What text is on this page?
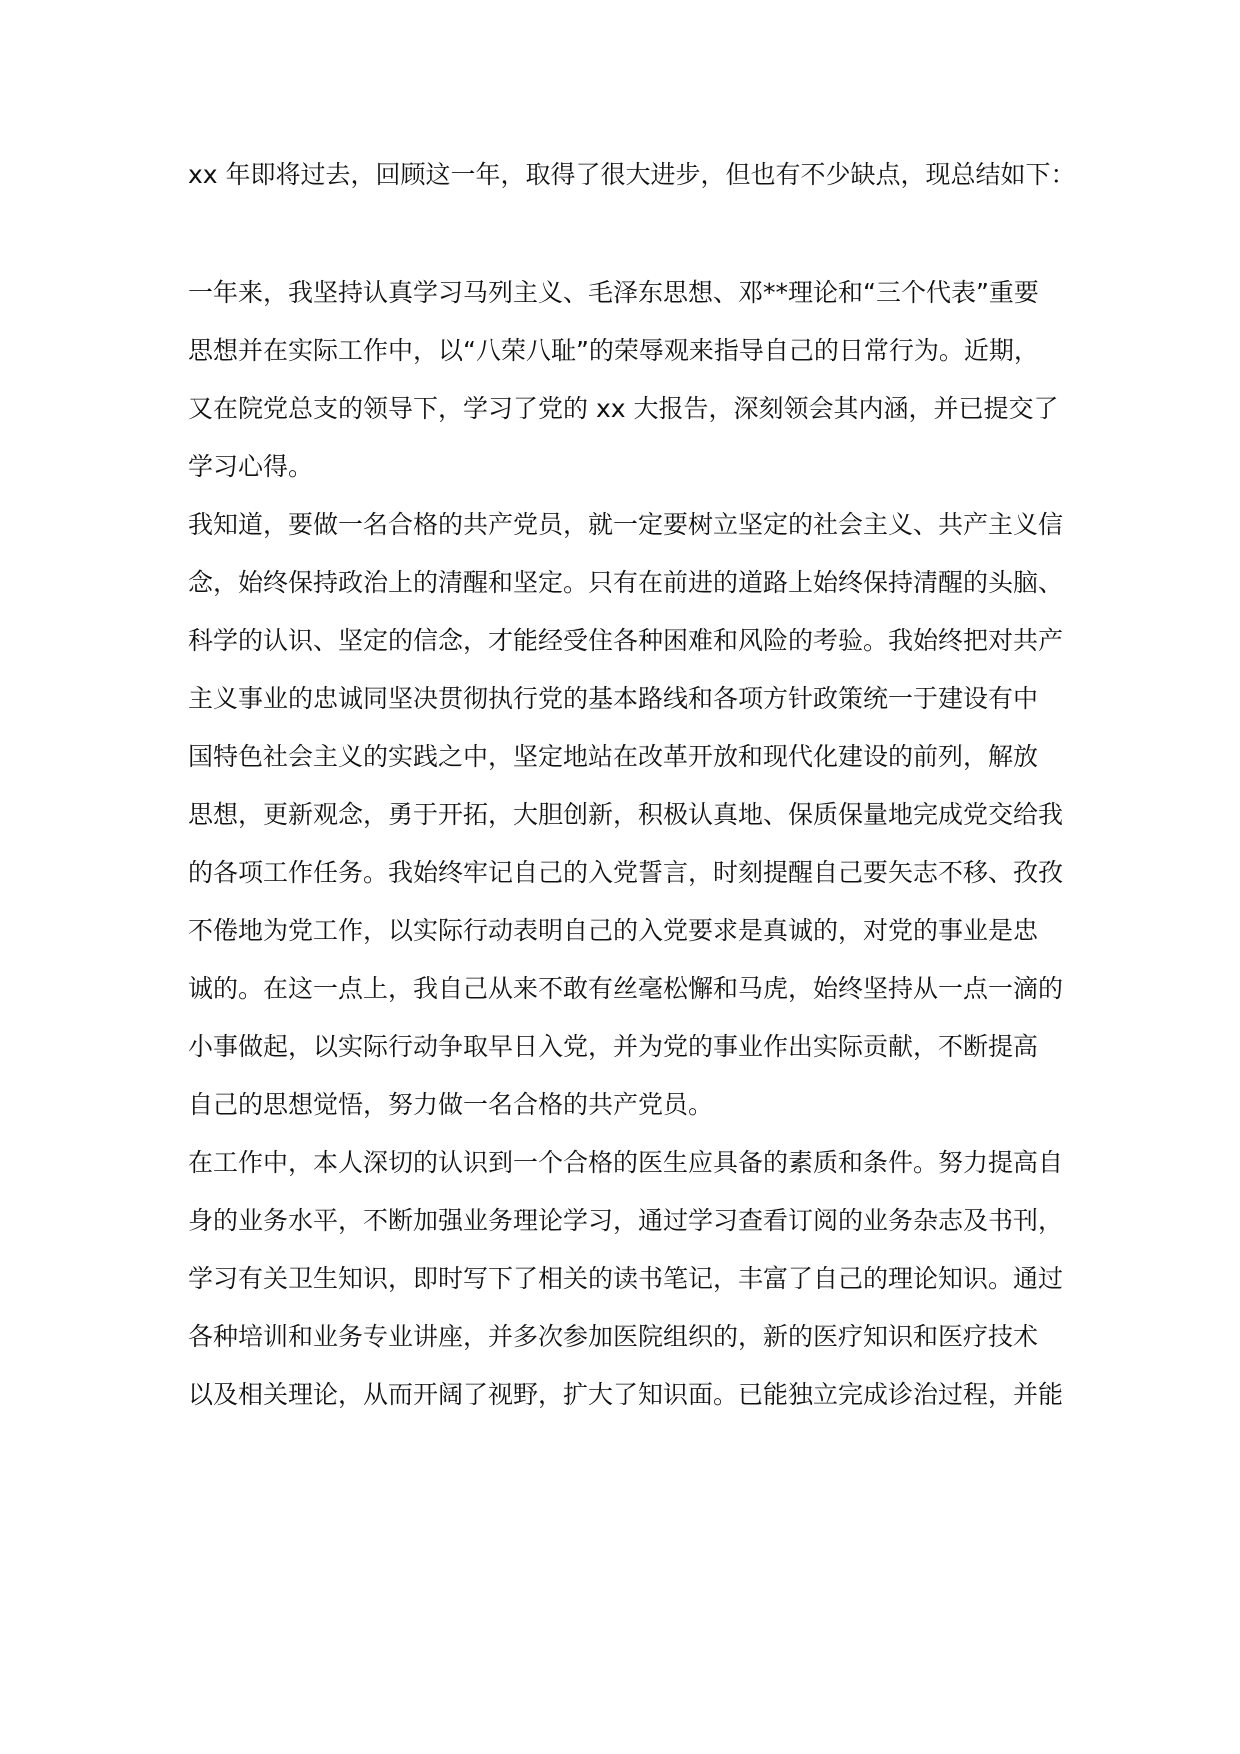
xx 年即将过去，回顾这一年，取得了很大进步，但也有不少缺点，现总结如下：

一年来，我坚持认真学习马列主义、毛泽东思想、邓**理论和“三个代表”重要

思想并在实际工作中，以“八荣八耻”的荣辱观来指导自己的日常行为。近期，

又在院党总支的领导下，学习了党的 xx 大报告，深刻领会其内涵，并已提交了

学习心得。

我知道，要做一名合格的共产党员，就一定要树立坚定的社会主义、共产主义信

念，始终保持政治上的清醒和坚定。只有在前进的道路上始终保持清醒的头脑、

科学的认识、坚定的信念，才能经受住各种困难和风险的考验。我始终把对共产

主义事业的忠诚同坚决贯彻执行党的基本路线和各项方针政策统一于建设有中

国特色社会主义的实践之中，坚定地站在改革开放和现代化建设的前列，解放

思想，更新观念，勇于开拓，大胆创新，积极认真地、保质保量地完成党交给我

的各项工作任务。我始终牢记自己的入党誓言，时刻提醒自己要矢志不移、孜孜

不倦地为党工作，以实际行动表明自己的入党要求是真诚的，对党的事业是忠

诚的。在这一点上，我自己从来不敢有丝毫松懈和马虎，始终坚持从一点一滴的

小事做起，以实际行动争取早日入党，并为党的事业作出实际贡献，不断提高

自己的思想觉悟，努力做一名合格的共产党员。

在工作中，本人深切的认识到一个合格的医生应具备的素质和条件。努力提高自

身的业务水平，不断加强业务理论学习，通过学习查看订阅的业务杂志及书刊，

学习有关卫生知识，即时写下了相关的读书笔记，丰富了自己的理论知识。通过

各种培训和业务专业讲座，并多次参加医院组织的，新的医疗知识和医疗技术

以及相关理论，从而开阔了视野，扩大了知识面。已能独立完成诊治过程，并能
